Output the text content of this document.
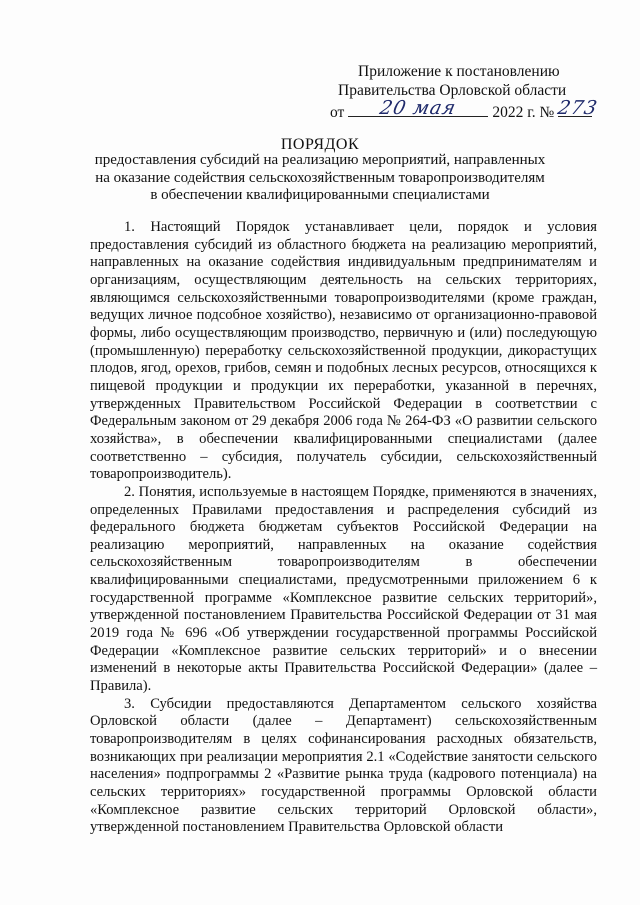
Приложение к постановлению
Правительства Орловской области
от	20 мая	2022 г. № 273
ПОРЯДОК
предоставления субсидий на реализацию мероприятий, направленных
на оказание содействия сельскохозяйственным товаропроизводителям
в обеспечении квалифицированными специалистами

1. Настоящий Порядок устанавливает цели, порядок и условия предоставления субсидий из областного бюджета на реализацию мероприятий, направленных на оказание содействия индивидуальным предпринимателям и организациям, осуществляющим деятельность на сельских территориях, являющимся сельскохозяйственными товаропроизводителями (кроме граждан, ведущих личное подсобное хозяйство), независимо от организационно-правовой формы, либо осуществляющим производство, первичную и (или) последующую (промышленную) переработку сельскохозяйственной продукции, дикорастущих плодов, ягод, орехов, грибов, семян и подобных лесных ресурсов, относящихся к пищевой продукции и продукции их переработки, указанной в перечнях, утвержденных Правительством Российской Федерации в соответствии с Федеральным законом от 29 декабря 2006 года № 264-ФЗ «О развитии сельского хозяйства», в обеспечении квалифицированными специалистами (далее соответственно – субсидия, получатель субсидии, сельскохозяйственный товаропроизводитель).

2. Понятия, используемые в настоящем Порядке, применяются в значениях, определенных Правилами предоставления и распределения субсидий из федерального бюджета бюджетам субъектов Российской Федерации на реализацию мероприятий, направленных на оказание содействия сельскохозяйственным товаропроизводителям в обеспечении квалифицированными специалистами, предусмотренными приложением 6 к государственной программе «Комплексное развитие сельских территорий», утвержденной постановлением Правительства Российской Федерации от 31 мая 2019 года № 696 «Об утверждении государственной программы Российской Федерации «Комплексное развитие сельских территорий» и о внесении изменений в некоторые акты Правительства Российской Федерации» (далее – Правила).

3. Субсидии предоставляются Департаментом сельского хозяйства Орловской области (далее – Департамент) сельскохозяйственным товаропроизводителям в целях софинансирования расходных обязательств, возникающих при реализации мероприятия 2.1 «Содействие занятости сельского населения» подпрограммы 2 «Развитие рынка труда (кадрового потенциала) на сельских территориях» государственной программы Орловской области «Комплексное развитие сельских территорий Орловской области», утвержденной постановлением Правительства Орловской области
